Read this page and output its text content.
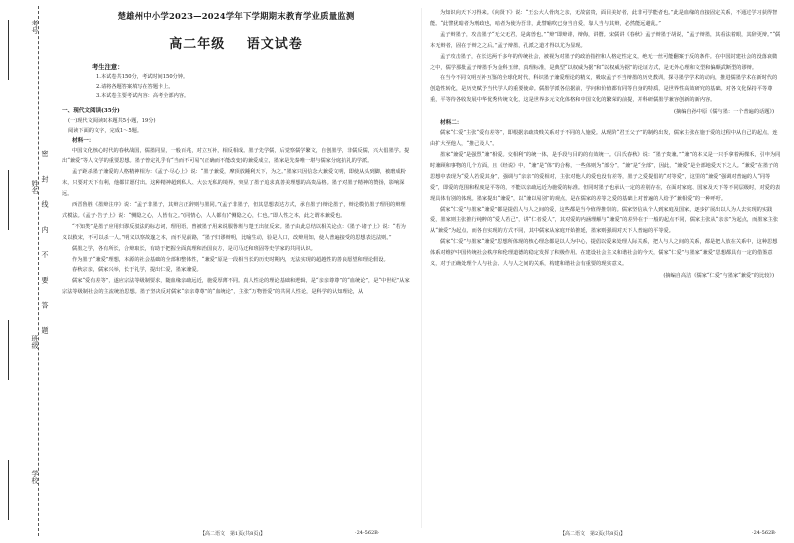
考号
姓名 密 封 线 内 不 要 答 题
班级
学校
楚雄州中小学2023—2024学年下学期期末教育学业质量监测
高二年级 语文试卷
考生注意：
1.本试卷共150分，考试时间150分钟。
2.请将各题答案填写在答题卡上。
3.本试卷主要考试内容：高考全部内容。
一、现代文阅读(35分)
(一)现代文阅读Ⅰ(本题共5小题，19分)
阅读下面的文字，完成1～5题。
材料一：

中国文化核心时代的春秋战国，儒墨同显，一般百兆，对立互补，相反相成。墨子先学儒，后觉察儒学繁文，自创墨学，非儒反儒，兴大倡墨学。提出“兼爱”等人文学的重要思想。墨子曾定礼乎有“当而不可易”(正确而不能改变)的兼爱成立，墨家是先秦唯一堪与儒家分庭抗礼的学派。

孟子距杀墨子兼爱的人格精神相为：《孟子·尽心上》说：“墨子兼爱，摩顶放踵利天下，为之。”墨家只因信念大兼爱文明，即使从头到脚，被磨成粉末，只要对天下有利，他都甘愿付出。这种精神超到私人、大公无私的境界，突显了墨子追求真善美理想的高贵品格。墨子对墨子精神的赞扬，影响深远。

西晋鲁胜《墨辩注序》说：“孟子非墨子，其辩言正辞则与墨同。”(孟子非墨子，但其思想表达方式，承自墨子)辩论墨子，辩论模仿墨子理用的辩理式模法。《孟子·告子上》说：“恻隐之心，人皆有之。”(同情心，人人都有)“恻隐之心，仁也。”即人性之本，此之谓本兼爱也。

“不知类”是墨子应用归谬反驳法的标志词，理用语，曾被墨子用来说服鲁班与楚王出征反宋。墨子由此总结以相关论点：《墨子·诸子上》说：“若为义以救宋，不可以杀一人。”明义以察故邃之本，而不见前路，“墨子归谬辩明，比喻生动，验是人口，改辩用知，使人普遍接受的思想表达法则。”

儒墨之学，各有所长，合辩取长，有助于把握全面真理和治国良方，是司马迁和班固等史学家的共同认识。

作为墨子“兼爱”理想，本源的社会基础的全部和整体性，“兼爱”原是一段相当长的历史时期内，无法实现的超越性的善良愿望和理论假设。

春秋宗亲，儒家兴举，长于礼学，提出仁爱，墨家兼爱。

儒家“爱有差等”，遂应宗法等级制要求，随血缘亲疏远近，施爱厚薄不同。真人性论的理论基础和逻辑，是“亲亲尊尊”的“血统论”，是“中世纪”从家宗法等级制社会的主流统治思想。墨子坚决反对儒家“亲亲尊尊”的“血统论”，主张“万物皆爱”的共同人性论，是科学的认知理论，从

为知识向天下习得来。《向贤下》说：“王公大人骨肉之亲，无故富贵，面目美好者，此非可学能者也。”此是血缘的直接固定关系，不通过学习获得智能。“此譬犹暗者为刑政也，喑者为使为吾非，此譬喻吹已身当自爱，靠人当与其辩，必然能远避乱。”

孟子辩墨子，攻击墨子“无父无君，是禽兽也。”“辩”即辩诽，辩侮，讲僭。宋儒讲《春秋》孟子辩墨于胡说，“孟子辩墨，其看法着眼，其辞更辩。”“儒本无辩者，固在于辩之之后。”孟子辩墨，孔派之道才得以尤为显现。

孟子攻击墨子，在长达两千多年的传统社会，被视为对墨子的政治指控和人格定性定义，绝无一丝可能翻案于反的条件。在中国封建社会的没落衰微之中，儒学那批孟子辩墨手为金科玉律，真理标准，是典型“以权威为据”和“以权威为据”的论证方式，是无外心理和文型和偏颇武断型的谬辩。

在当今不同文明互补互鉴的全球化时代，科识墨子兼爱理论的精义，吸取孟子不当辩墨的历史教训，探寻墨学学术的动向，推进儒墨学术在新时代的创造性转化，是历史赋予当代学人的重要使命。儒墨学派各信据前，学问和价值都有同等自身的特质，是世界性高效研究的基础。对各文化保持平等尊重，平等待各收发展中华优秀传统文化，这是世界多元文化体格和中国文化的繁荣的前提，并科研儒墨学兼容创新的新内容。

(摘编自孙中原《儒与墨：一个普遍的话题》)
材料二：

儒家“仁爱”主张“爱有差等”，即根据亲疏贵贱关系对于不同的人施爱。从现阶“君王父子”的制约出发，儒家主张在施于爱的过程中从自己的起点，连由扩大至他人，“推己及人”。

墨家“兼爱”是强烈“兼”相爱。交相利”的统一体，是手段与目的的有效统一。《吕氏春秋》说：“墨子贵兼。”“兼”的本义是一只手拿着两棵禾，引申为同时兼顾和事物的几个方面，且《经说》中，“兼”是“体”的合称，一些体则为“部分”，“兼”是“全部”，因此，“兼爱”是全部地爱天下之人。“兼爱”在墨子的思想中表现为“爱人若爱其身”，强调与“亲亲”的爱相对，主张对他人的爱也没有差等，墨子之爱提倡的“对等爱”，这里的“兼爱”强调对普遍的人“同等爱”，即爱的范围和程度是平等的，不能以亲疏远近为施爱的标准。但同时墨子也承认一定的差别存在，在面对家庭、国家及天下等不同层级时，对爱的表现具体有别的体现。墨家提出“兼爱”，以“兼以易别”的观点，是在儒家的差等之爱的基础上对普遍的人给予“兼相爱”的一种呼吁。

儒家“仁爱”与墨家“兼爱”都是提倡人与人之间的爱，这些都是当今值得推崇的。儒家坚信从个人到家庭及国家，逐步扩展出以人为人去实现的实践爱，墨家则主张推行纯粹的“爱人若己”，讲“仁者爱人”，其对爱的内涵理解与“兼爱”的差异在于一般的起点不同，儒家主张从“亲亲”为起点，而墨家主张从“兼爱”为起点，而各自实现的方式不同，其中儒家从家庭开始推延，墨家则强调对天下人普遍的平等爱。

儒家“仁爱”与墨家“兼爱”思想所体现的核心理念都是以人为中心，提倡以爱来处理人际关系，把人与人之间的关系，都是把人放在关系中，这种思想体系对维护中国传统社会秩序和伦理道德的稳定发挥了积极作用。在建设社会主义和谐社会的今天，儒家“仁爱”与墨家“兼爱”思想都具有一定的借鉴意义，对于正确处理个人与社会、人与人之间的关系，构建和谐社会有重要的现实意义。

(摘编自高洁《儒家“仁爱”与墨家“兼爱”的比较》)
【高二语文　第1页(共8页)】	·24-562B·	【高二语文　第2页(共8页)】	·24-562B·
